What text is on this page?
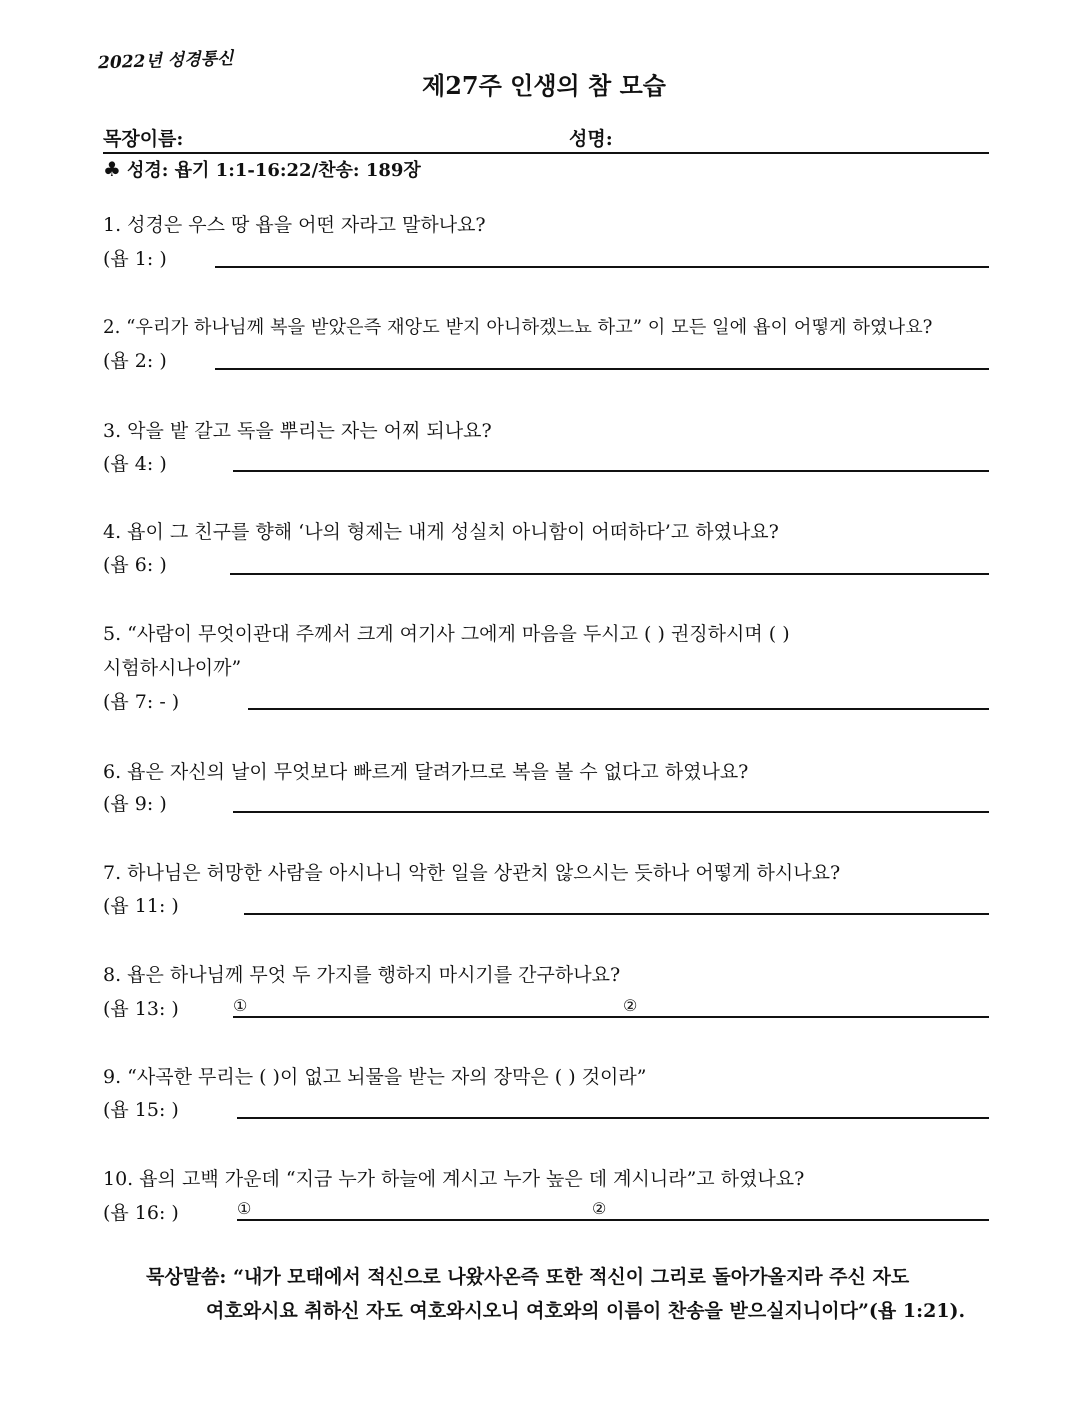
2022년 성경통신
제27주 인생의 참 모습
목장이름:	성명:
♣ 성경: 욥기 1:1-16:22/찬송: 189장
1. 성경은 우스 땅 욥을 어떤 자라고 말하나요?
(욥 1: )
2. “우리가 하나님께 복을 받았은즉 재앙도 받지 아니하겠느뇨 하고” 이 모든 일에 욥이 어떻게 하였나요?
(욥 2: )
3. 악을 밭 갈고 독을 뿌리는 자는 어찌 되나요?
(욥 4: )
4. 욥이 그 친구를 향해 ‘나의 형제는 내게 성실치 아니함이 어떠하다’고 하였나요?
(욥 6: )
5. “사람이 무엇이관대 주께서 크게 여기사 그에게 마음을 두시고 ( ) 권징하시며 ( )
시험하시나이까”
(욥 7: - )
6. 욥은 자신의 날이 무엇보다 빠르게 달려가므로 복을 볼 수 없다고 하였나요?
(욥 9: )
7. 하나님은 허망한 사람을 아시나니 악한 일을 상관치 않으시는 듯하나 어떻게 하시나요?
(욥 11: )
8. 욥은 하나님께 무엇 두 가지를 행하지 마시기를 간구하나요?
(욥 13: )	①	②
9. “사곡한 무리는 ( )이 없고 뇌물을 받는 자의 장막은 ( ) 것이라”
(욥 15: )
10. 욥의 고백 가운데 “지금 누가 하늘에 계시고 누가 높은 데 계시니라”고 하였나요?
(욥 16: )	①	②
묵상말씀: “내가 모태에서 적신으로 나왔사온즉 또한 적신이 그리로 돌아가올지라 주신 자도
여호와시요 취하신 자도 여호와시오니 여호와의 이름이 찬송을 받으실지니이다”(욥 1:21).
